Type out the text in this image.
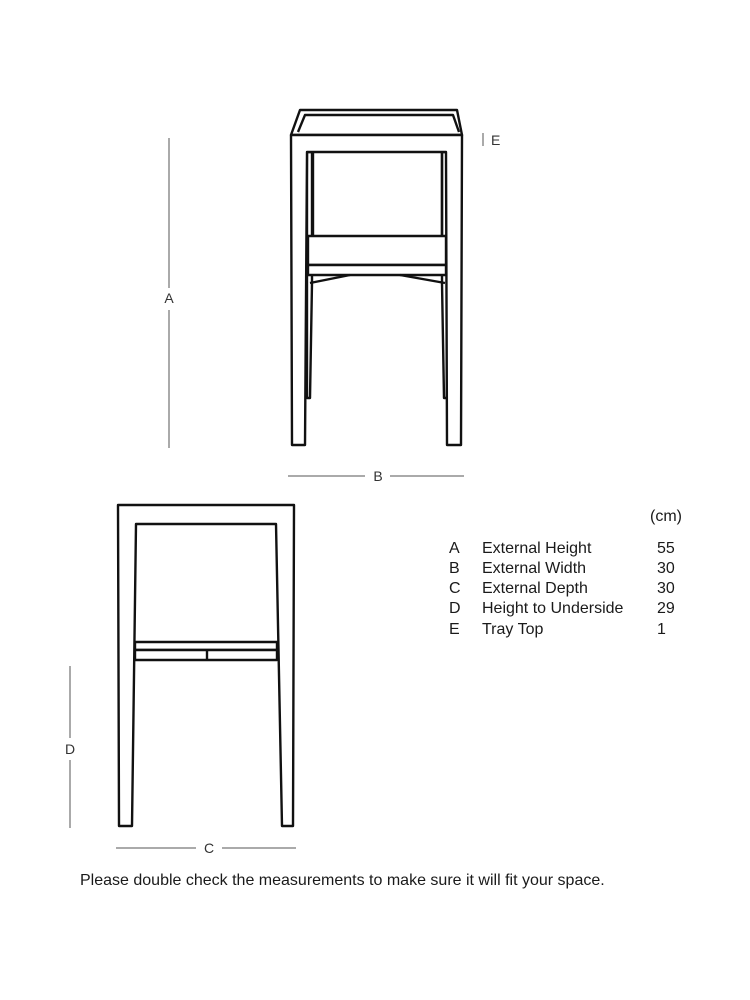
A
B
D
C
E
(cm)
A External Height	55
B External Width	30
C External Depth	30
D Height to Underside 29
E Tray Top	1
Please double check the measurements to make sure it will fit your space.
